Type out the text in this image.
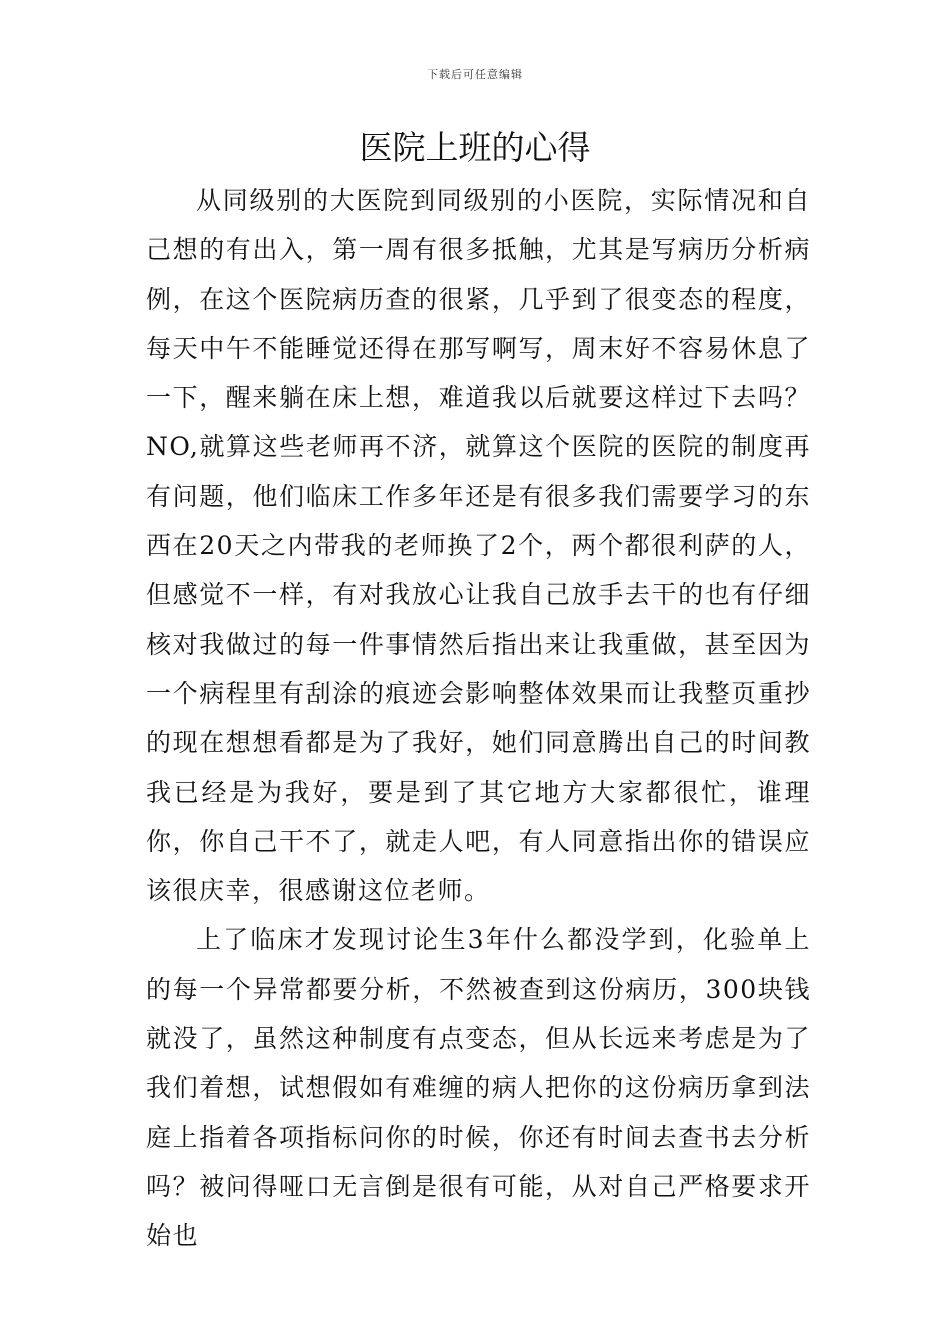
下载后可任意编辑
医院上班的心得

从同级别的大医院到同级别的小医院，实际情况和自己想的有出入，第一周有很多抵触，尤其是写病历分析病例，在这个医院病历查的很紧，几乎到了很变态的程度，每天中午不能睡觉还得在那写啊写，周末好不容易休息了一下，醒来躺在床上想，难道我以后就要这样过下去吗？NO,就算这些老师再不济，就算这个医院的医院的制度再有问题，他们临床工作多年还是有很多我们需要学习的东西在20天之内带我的老师换了2个，两个都很利萨的人，但感觉不一样，有对我放心让我自己放手去干的也有仔细核对我做过的每一件事情然后指出来让我重做，甚至因为一个病程里有刮涂的痕迹会影响整体效果而让我整页重抄的现在想想看都是为了我好，她们同意腾出自己的时间教我已经是为我好，要是到了其它地方大家都很忙，谁理你，你自己干不了，就走人吧，有人同意指出你的错误应该很庆幸，很感谢这位老师。

上了临床才发现讨论生3年什么都没学到，化验单上的每一个异常都要分析，不然被查到这份病历，300块钱就没了，虽然这种制度有点变态，但从长远来考虑是为了我们着想，试想假如有难缠的病人把你的这份病历拿到法庭上指着各项指标问你的时候，你还有时间去查书去分析吗？被问得哑口无言倒是很有可能，从对自己严格要求开始也
